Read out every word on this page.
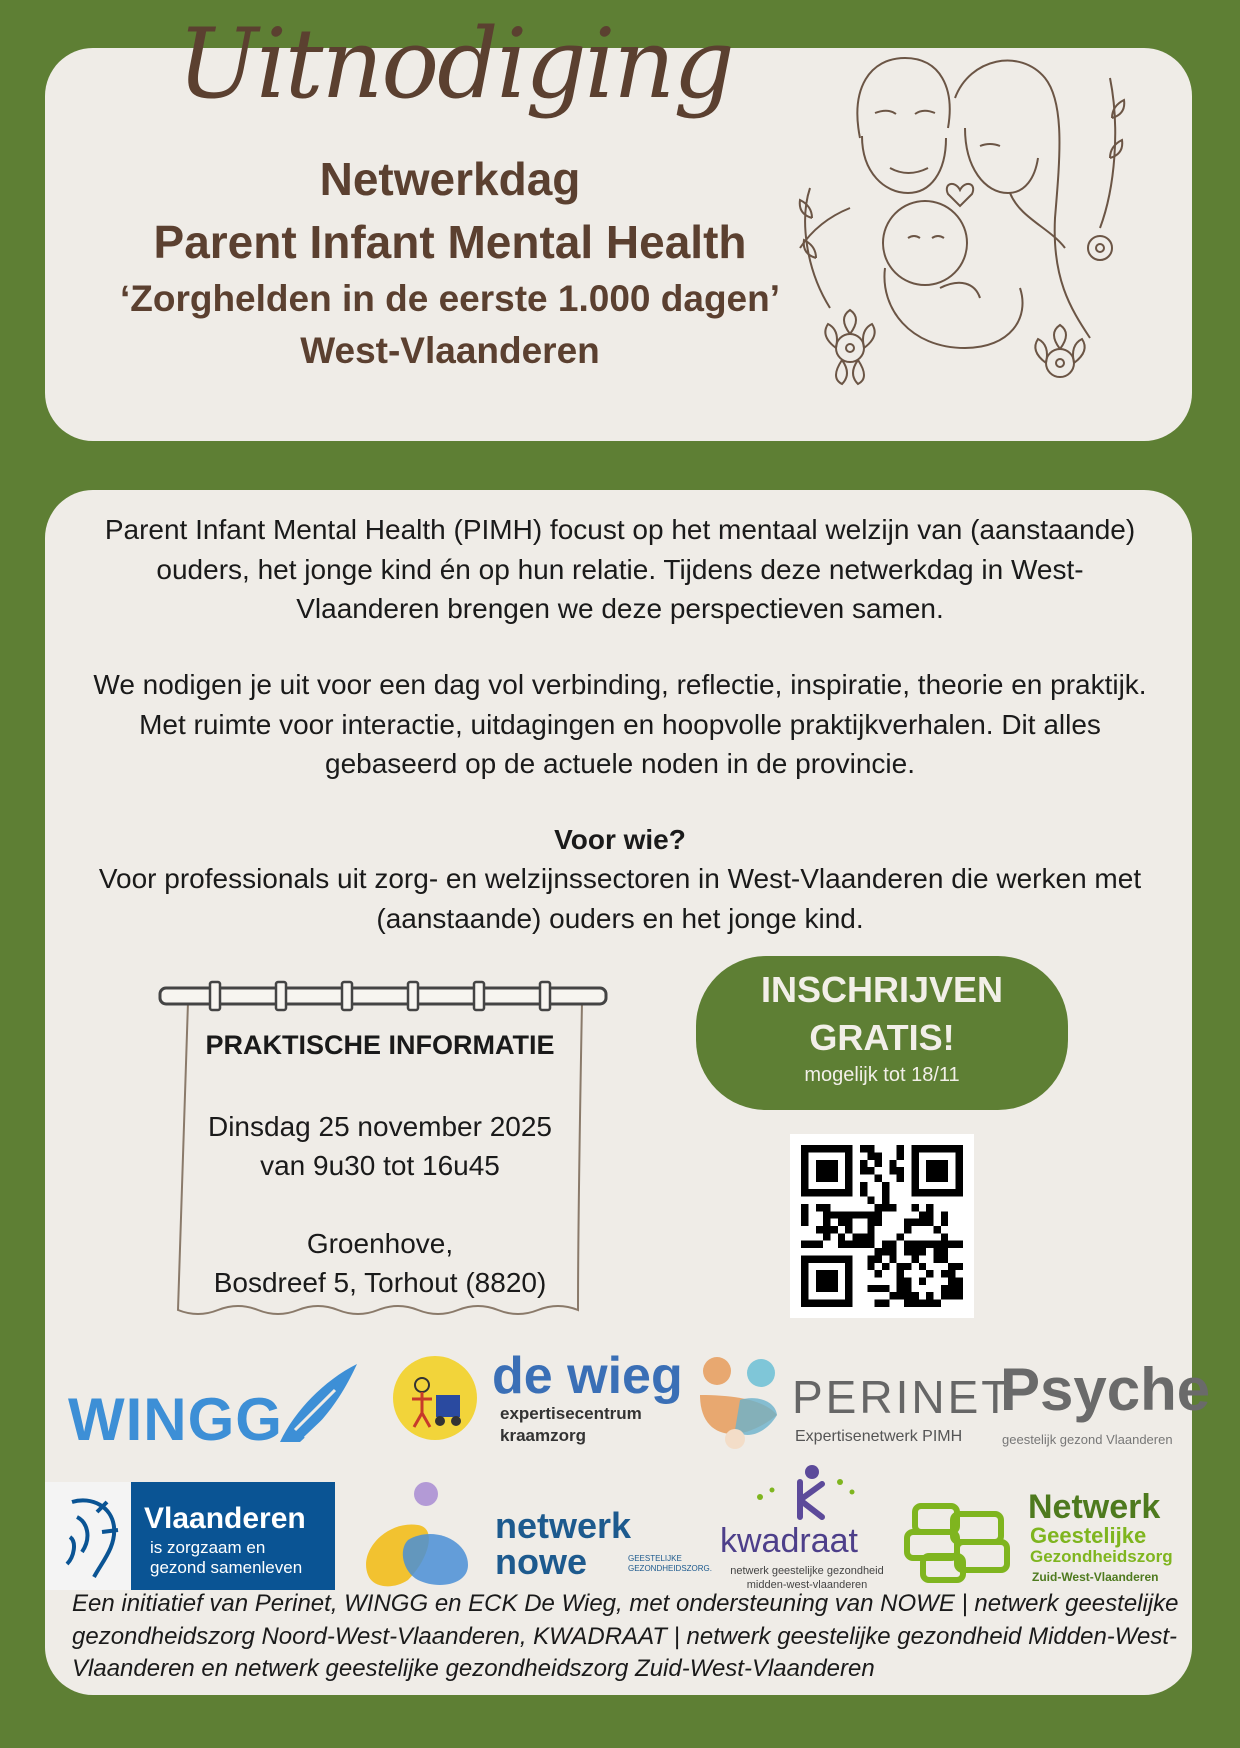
Uitnodiging
Netwerkdag
Parent Infant Mental Health
‘Zorghelden in de eerste 1.000 dagen’
West-Vlaanderen
Parent Infant Mental Health (PIMH) focust op het mentaal welzijn van (aanstaande) ouders, het jonge kind én op hun relatie. Tijdens deze netwerkdag in West-Vlaanderen brengen we deze perspectieven samen.
We nodigen je uit voor een dag vol verbinding, reflectie, inspiratie, theorie en praktijk. Met ruimte voor interactie, uitdagingen en hoopvolle praktijkverhalen. Dit alles gebaseerd op de actuele noden in de provincie.
Voor wie?
Voor professionals uit zorg- en welzijnssectoren in West-Vlaanderen die werken met (aanstaande) ouders en het jonge kind.
PRAKTISCHE INFORMATIE
Dinsdag 25 november 2025
van 9u30 tot 16u45
Groenhove,
Bosdreef 5, Torhout (8820)
INSCHRIJVEN
GRATIS!
mogelijk tot 18/11
WINGG
de wieg
expertisecentrum
kraamzorg
PERINET
Expertisenetwerk PIMH
Psyche
geestelijk gezond Vlaanderen
Vlaanderen
is zorgzaam en
gezond samenleven
netwerk
nowe	GEESTELIJKE
GEZONDHEIDSZORG.
kwadraat
netwerk geestelijke gezondheid
midden-west-vlaanderen
Netwerk
Geestelijke
Gezondheidszorg
Zuid-West-Vlaanderen
Een initiatief van Perinet, WINGG en ECK De Wieg, met ondersteuning van NOWE | netwerk geestelijke gezondheidszorg Noord-West-Vlaanderen, KWADRAAT | netwerk geestelijke gezondheid Midden-West-Vlaanderen en netwerk geestelijke gezondheidszorg Zuid-West-Vlaanderen
